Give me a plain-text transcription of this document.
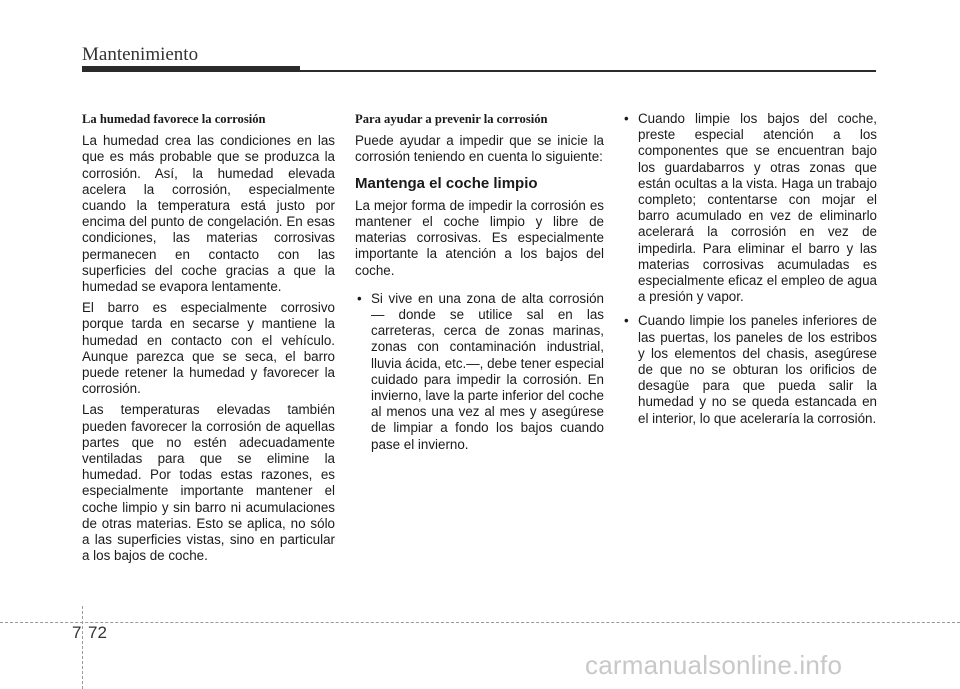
Mantenimiento
La humedad favorece la corrosión

La humedad crea las condiciones en las que es más probable que se produzca la corrosión. Así, la humedad elevada acelera la corrosión, especialmente cuando la temperatura está justo por encima del punto de congelación. En esas condiciones, las materias corrosivas permanecen en contacto con las superficies del coche gracias a que la humedad se evapora lentamente.

El barro es especialmente corrosivo porque tarda en secarse y mantiene la humedad en contacto con el vehículo. Aunque parezca que se seca, el barro puede retener la humedad y favorecer la corrosión.

Las temperaturas elevadas también pueden favorecer la corrosión de aquellas partes que no estén adecuadamente ventiladas para que se elimine la humedad. Por todas estas razones, es especialmente importante mantener el coche limpio y sin barro ni acumulaciones de otras materias. Esto se aplica, no sólo a las superficies vistas, sino en particular a los bajos de coche.

Para ayudar a prevenir la corrosión

Puede ayudar a impedir que se inicie la corrosión teniendo en cuenta lo siguiente:

Mantenga el coche limpio

La mejor forma de impedir la corrosión es mantener el coche limpio y libre de materias corrosivas. Es especialmente importante la atención a los bajos del coche.

• Si vive en una zona de alta corrosión — donde se utilice sal en las carreteras, cerca de zonas marinas, zonas con contaminación industrial, lluvia ácida, etc.—, debe tener especial cuidado para impedir la corrosión. En invierno, lave la parte inferior del coche al menos una vez al mes y asegúrese de limpiar a fondo los bajos cuando pase el invierno.
• Cuando limpie los bajos del coche, preste especial atención a los componentes que se encuentran bajo los guardabarros y otras zonas que están ocultas a la vista. Haga un trabajo completo; contentarse con mojar el barro acumulado en vez de eliminarlo acelerará la corrosión en vez de impedirla. Para eliminar el barro y las materias corrosivas acumuladas es especialmente eficaz el empleo de agua a presión y vapor.
• Cuando limpie los paneles inferiores de las puertas, los paneles de los estribos y los elementos del chasis, asegúrese de que no se obturan los orificios de desagüe para que pueda salir la humedad y no se queda estancada en el interior, lo que aceleraría la corrosión.
7 72
carmanualsonline.info
